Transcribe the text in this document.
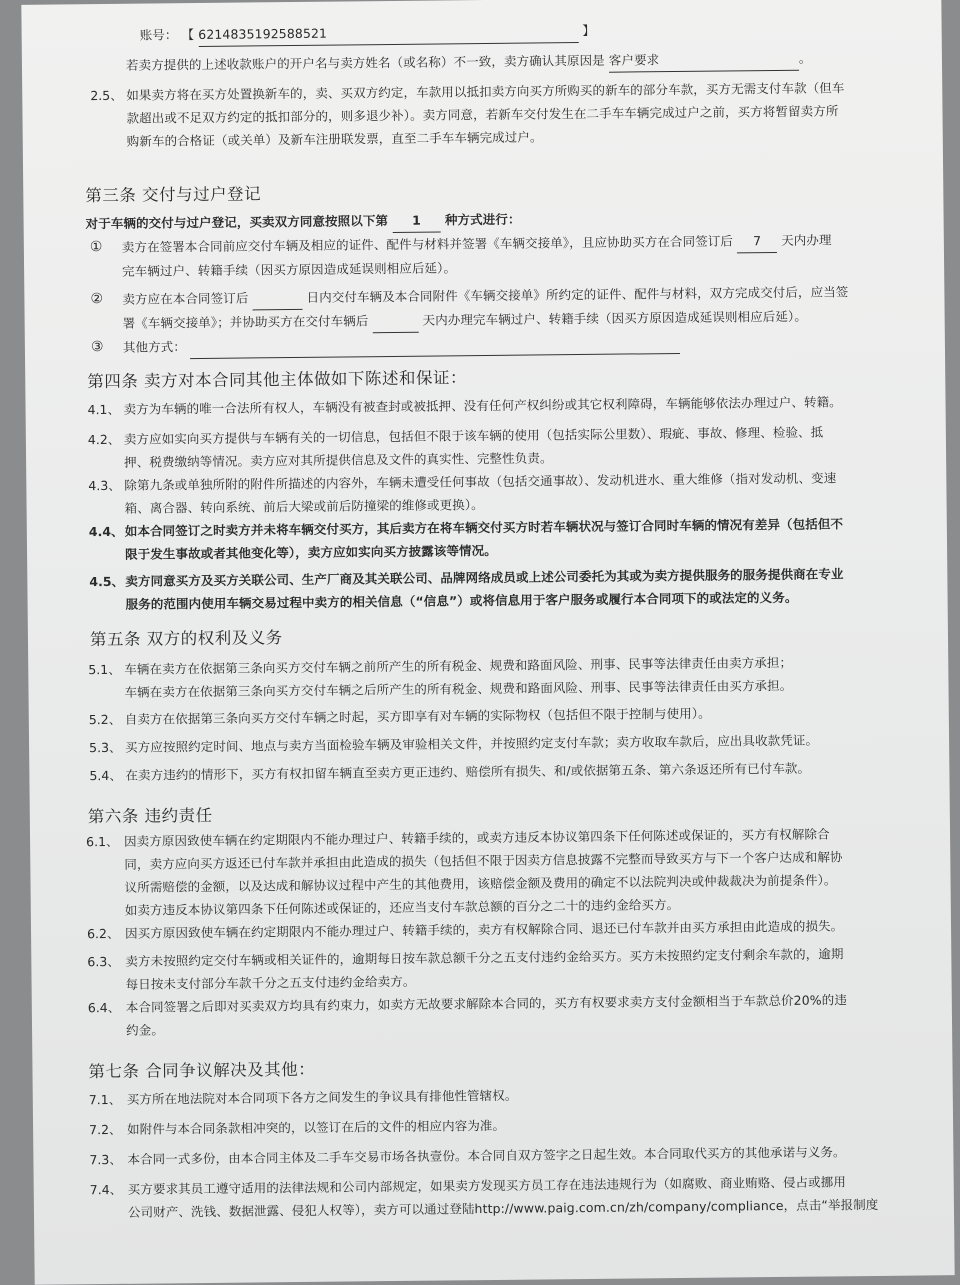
账号： 【 6214835192588521	】
若卖方提供的上述收款账户的开户名与卖方姓名（或名称）不一致，卖方确认其原因是 客户要求	。
2.5、 如果卖方将在买方处置换新车的，卖、买双方约定，车款用以抵扣卖方向买方所购买的新车的部分车款，买方无需支付车款（但车
款超出或不足双方约定的抵扣部分的，则多退少补）。卖方同意，若新车交付发生在二手车车辆完成过户之前，买方将暂留卖方所
购新车的合格证（或关单）及新车注册联发票，直至二手车车辆完成过户。
第三条 交付与过户登记
对于车辆的交付与过户登记，买卖双方同意按照以下第 1 种方式进行：
① 卖方在签署本合同前应交付车辆及相应的证件、配件与材料并签署《车辆交接单》，且应协助买方在合同签订后 7 天内办理
完车辆过户、转籍手续（因买方原因造成延误则相应后延）。
② 卖方应在本合同签订后	日内交付车辆及本合同附件《车辆交接单》所约定的证件、配件与材料，双方完成交付后，应当签
署《车辆交接单》；并协助买方在交付车辆后	天内办理完车辆过户、转籍手续（因买方原因造成延误则相应后延）。
③ 其他方式：
第四条 卖方对本合同其他主体做如下陈述和保证：
4.1、 卖方为车辆的唯一合法所有权人，车辆没有被查封或被抵押、没有任何产权纠纷或其它权利障碍，车辆能够依法办理过户、转籍。
4.2、 卖方应如实向买方提供与车辆有关的一切信息，包括但不限于该车辆的使用（包括实际公里数）、瑕疵、事故、修理、检验、抵
押、税费缴纳等情况。卖方应对其所提供信息及文件的真实性、完整性负责。
4.3、 除第九条或单独所附的附件所描述的内容外，车辆未遭受任何事故（包括交通事故）、发动机进水、重大维修（指对发动机、变速
箱、离合器、转向系统、前后大梁或前后防撞梁的维修或更换）。
4.4、 如本合同签订之时卖方并未将车辆交付买方，其后卖方在将车辆交付买方时若车辆状况与签订合同时车辆的情况有差异（包括但不
限于发生事故或者其他变化等），卖方应如实向买方披露该等情况。
4.5、 卖方同意买方及买方关联公司、生产厂商及其关联公司、品牌网络成员或上述公司委托为其或为卖方提供服务的服务提供商在专业
服务的范围内使用车辆交易过程中卖方的相关信息（“信息”）或将信息用于客户服务或履行本合同项下的或法定的义务。
第五条 双方的权利及义务
5.1、 车辆在卖方在依据第三条向买方交付车辆之前所产生的所有税金、规费和路面风险、刑事、民事等法律责任由卖方承担；
车辆在卖方在依据第三条向买方交付车辆之后所产生的所有税金、规费和路面风险、刑事、民事等法律责任由买方承担。
5.2、 自卖方在依据第三条向买方交付车辆之时起，买方即享有对车辆的实际物权（包括但不限于控制与使用）。
5.3、 买方应按照约定时间、地点与卖方当面检验车辆及审验相关文件，并按照约定支付车款；卖方收取车款后，应出具收款凭证。
5.4、 在卖方违约的情形下，买方有权扣留车辆直至卖方更正违约、赔偿所有损失、和/或依据第五条、第六条返还所有已付车款。
第六条 违约责任
6.1、 因卖方原因致使车辆在约定期限内不能办理过户、转籍手续的，或卖方违反本协议第四条下任何陈述或保证的，买方有权解除合
同，卖方应向买方返还已付车款并承担由此造成的损失（包括但不限于因卖方信息披露不完整而导致买方与下一个客户达成和解协
议所需赔偿的金额，以及达成和解协议过程中产生的其他费用，该赔偿金额及费用的确定不以法院判决或仲裁裁决为前提条件）。
如卖方违反本协议第四条下任何陈述或保证的，还应当支付车款总额的百分之二十的违约金给买方。
6.2、 因买方原因致使车辆在约定期限内不能办理过户、转籍手续的，卖方有权解除合同、退还已付车款并由买方承担由此造成的损失。
6.3、 卖方未按照约定交付车辆或相关证件的，逾期每日按车款总额千分之五支付违约金给买方。买方未按照约定支付剩余车款的，逾期
每日按未支付部分车款千分之五支付违约金给卖方。
6.4、 本合同签署之后即对买卖双方均具有约束力，如卖方无故要求解除本合同的，买方有权要求卖方支付金额相当于车款总价20%的违
约金。
第七条 合同争议解决及其他：
7.1、 买方所在地法院对本合同项下各方之间发生的争议具有排他性管辖权。
7.2、 如附件与本合同条款相冲突的，以签订在后的文件的相应内容为准。
7.3、 本合同一式多份，由本合同主体及二手车交易市场各执壹份。本合同自双方签字之日起生效。本合同取代买方的其他承诺与义务。
7.4、 买方要求其员工遵守适用的法律法规和公司内部规定，如果卖方发现买方员工存在违法违规行为（如腐败、商业贿赂、侵占或挪用
公司财产、洗钱、数据泄露、侵犯人权等），卖方可以通过登陆http://www.paig.com.cn/zh/company/compliance，点击“举报制度
